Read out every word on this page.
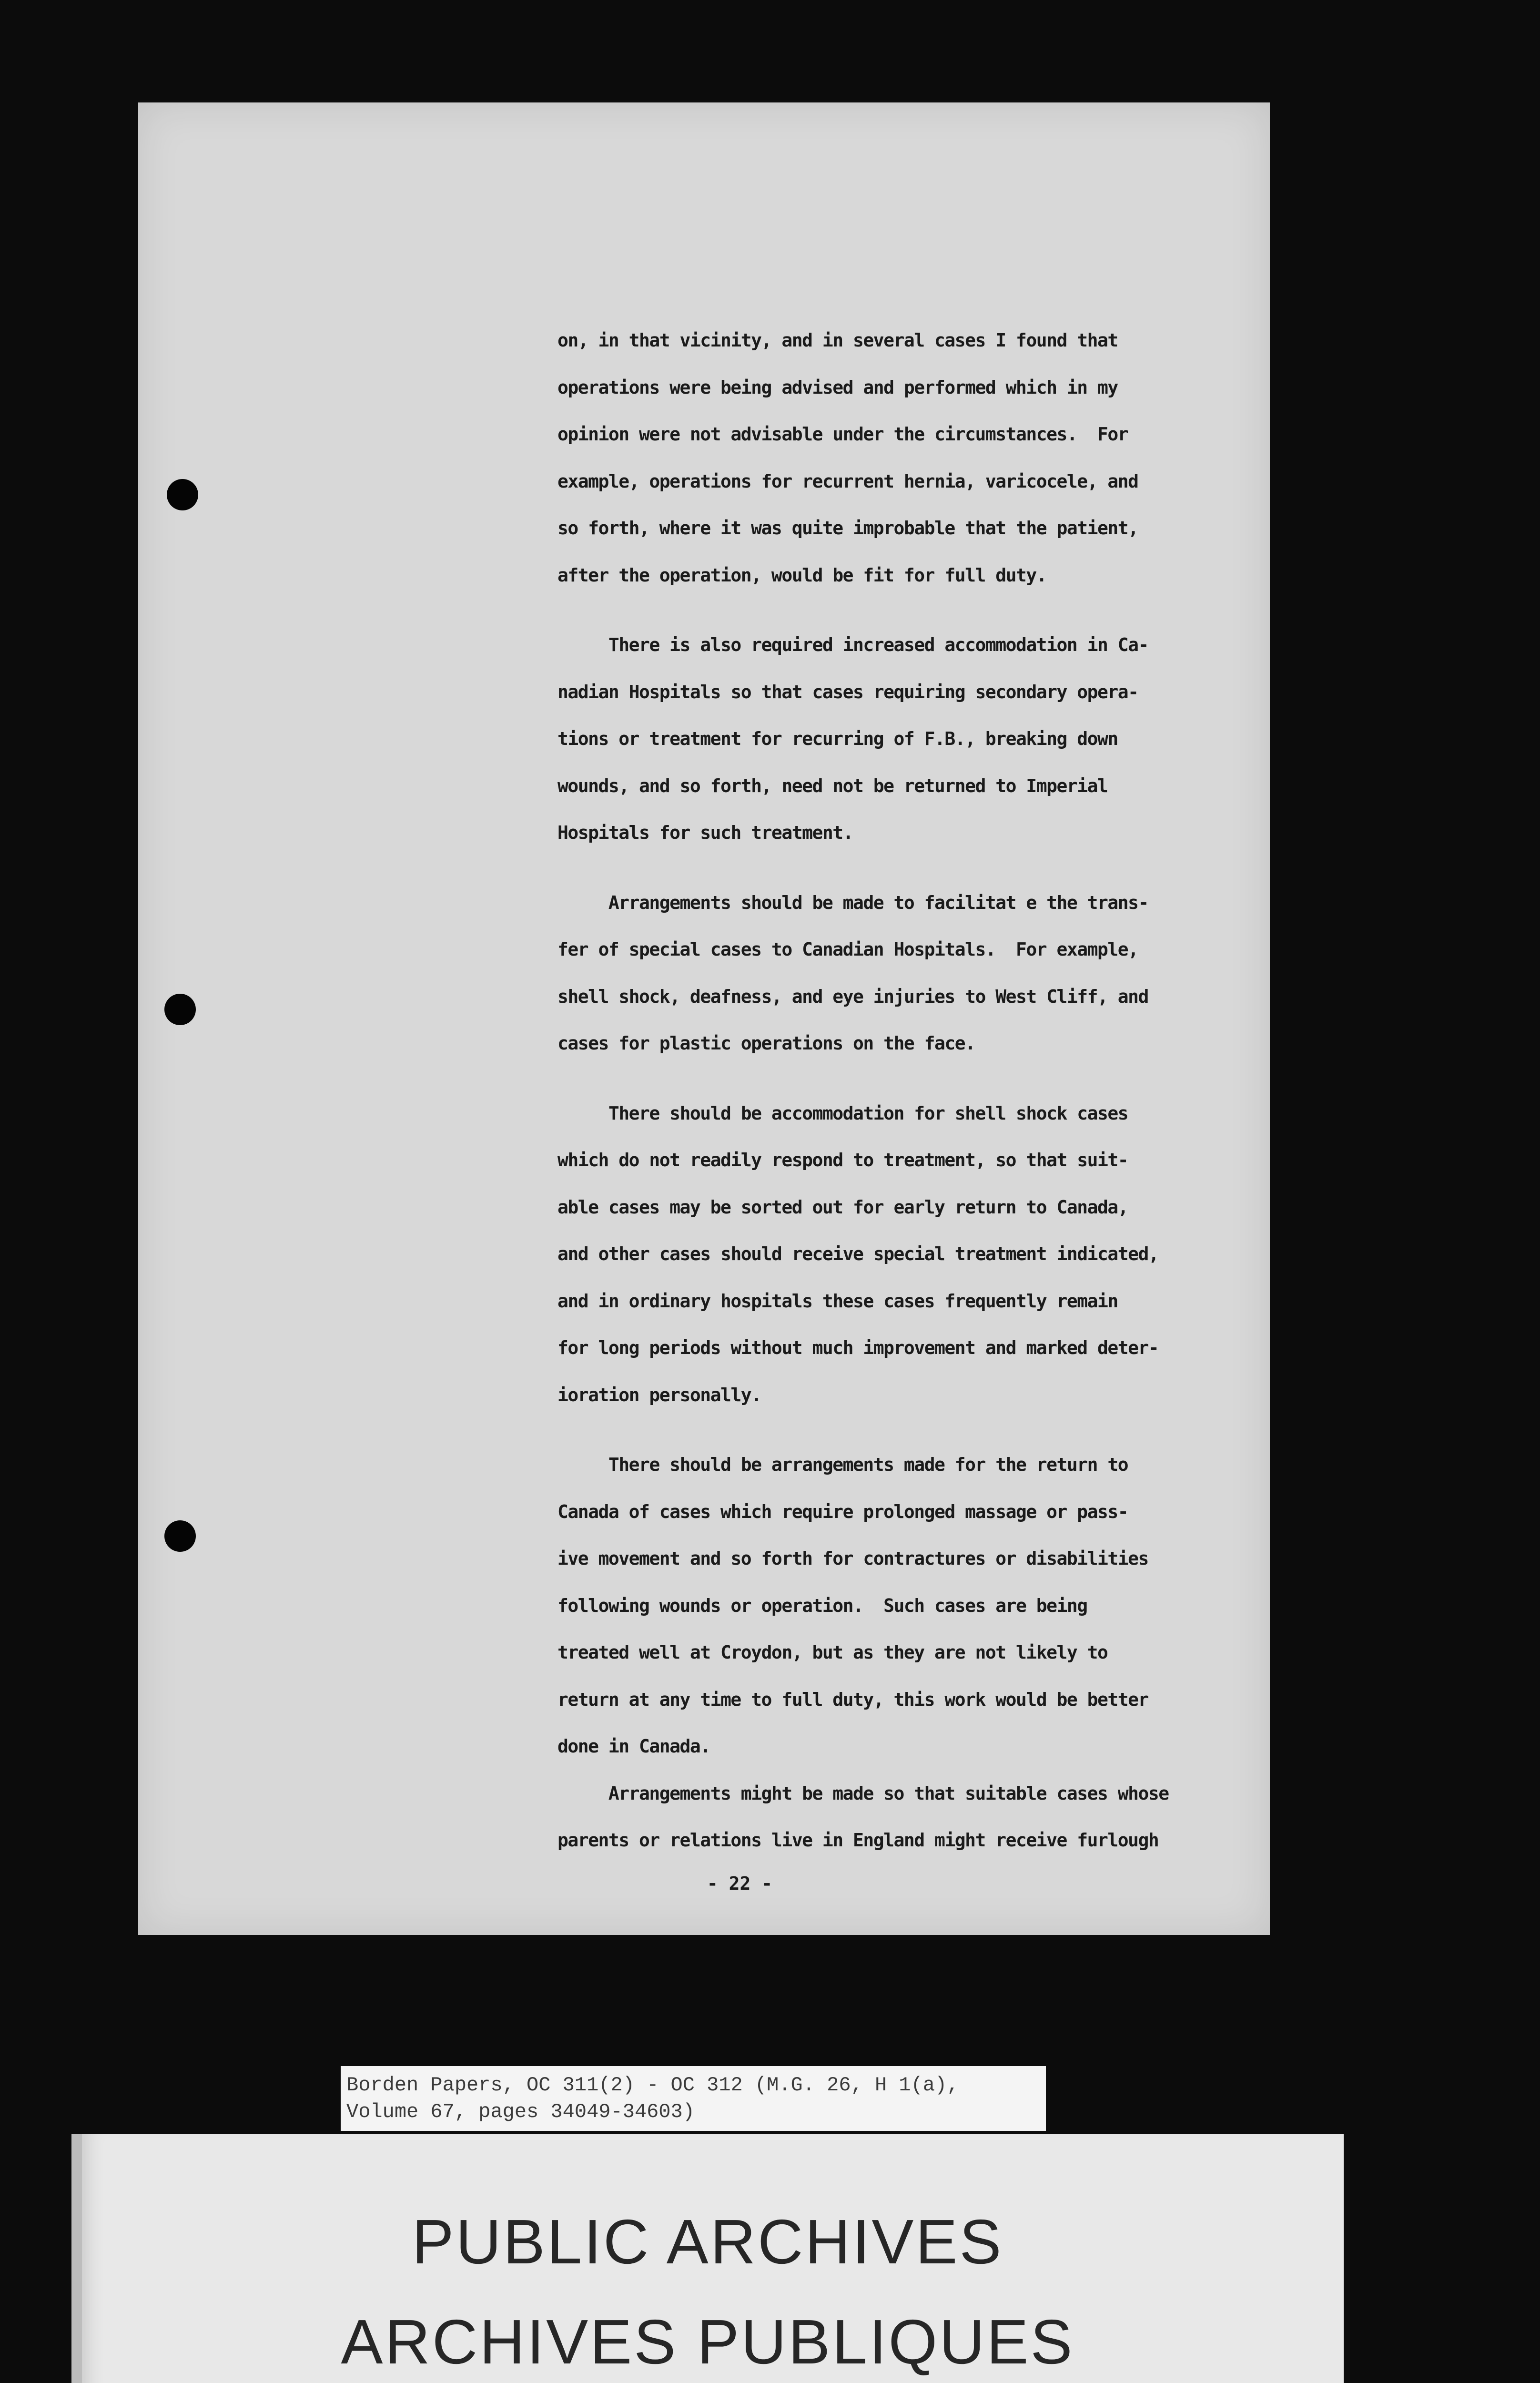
on, in that vicinity, and in several cases I found that
operations were being advised and performed which in my
opinion were not advisable under the circumstances.  For
example, operations for recurrent hernia, varicocele, and
so forth, where it was quite improbable that the patient,
after the operation, would be fit for full duty.
There is also required increased accommodation in Ca-
nadian Hospitals so that cases requiring secondary opera-
tions or treatment for recurring of F.B., breaking down
wounds, and so forth, need not be returned to Imperial
Hospitals for such treatment.
Arrangements should be made to facilitat e the trans-
fer of special cases to Canadian Hospitals.  For example,
shell shock, deafness, and eye injuries to West Cliff, and
cases for plastic operations on the face.
There should be accommodation for shell shock cases
which do not readily respond to treatment, so that suit-
able cases may be sorted out for early return to Canada,
and other cases should receive special treatment indicated,
and in ordinary hospitals these cases frequently remain
for long periods without much improvement and marked deter-
ioration personally.
There should be arrangements made for the return to
Canada of cases which require prolonged massage or pass-
ive movement and so forth for contractures or disabilities
following wounds or operation.  Such cases are being
treated well at Croydon, but as they are not likely to
return at any time to full duty, this work would be better
done in Canada.
Arrangements might be made so that suitable cases whose
parents or relations live in England might receive furlough
- 22 -
Borden Papers, OC 311(2) - OC 312 (M.G. 26, H 1(a),
Volume 67, pages 34049-34603)
PUBLIC ARCHIVES
ARCHIVES PUBLIQUES
